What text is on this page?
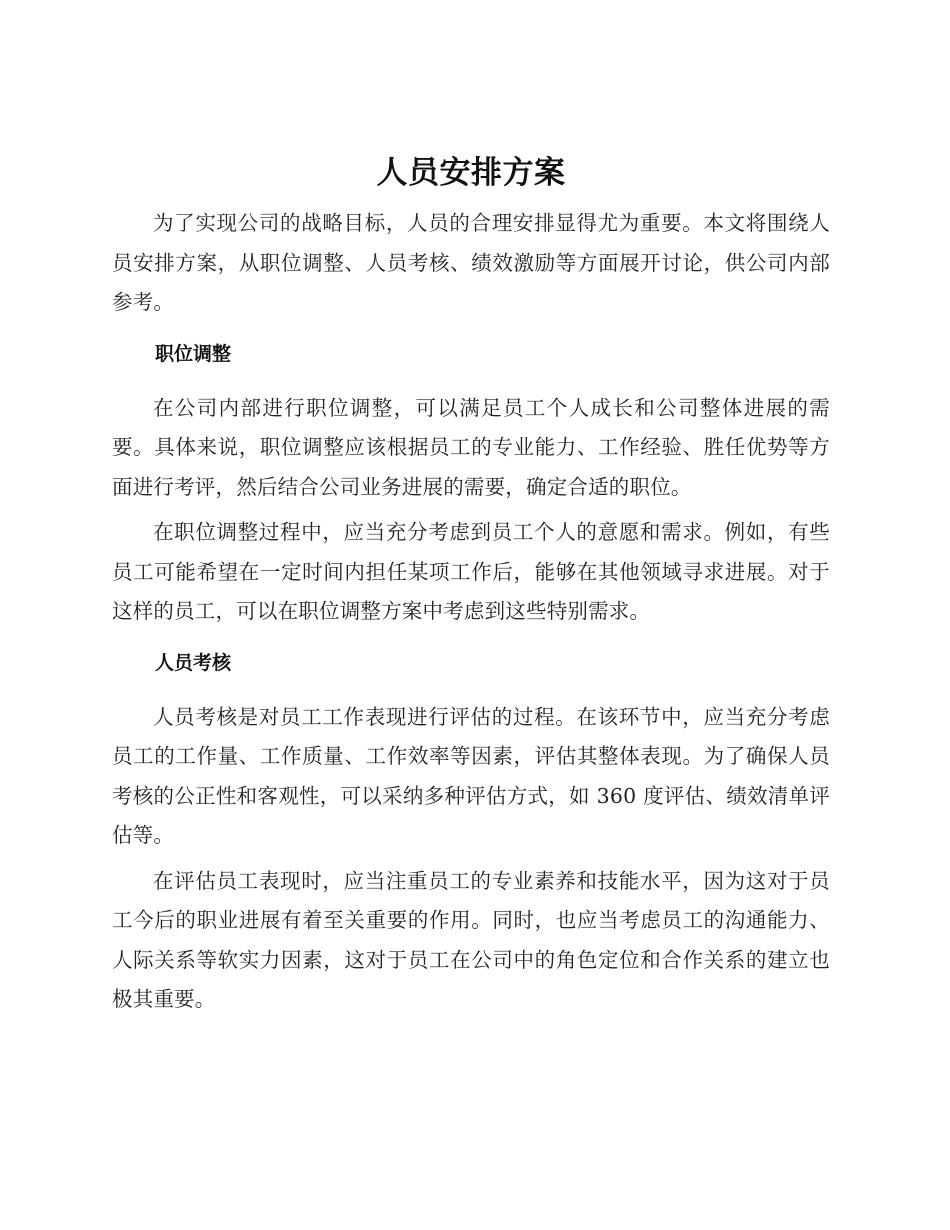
人员安排方案

为了实现公司的战略目标，人员的合理安排显得尤为重要。本文将围绕人员安排方案，从职位调整、人员考核、绩效激励等方面展开讨论，供公司内部参考。

职位调整

在公司内部进行职位调整，可以满足员工个人成长和公司整体进展的需要。具体来说，职位调整应该根据员工的专业能力、工作经验、胜任优势等方面进行考评，然后结合公司业务进展的需要，确定合适的职位。

在职位调整过程中，应当充分考虑到员工个人的意愿和需求。例如，有些员工可能希望在一定时间内担任某项工作后，能够在其他领域寻求进展。对于这样的员工，可以在职位调整方案中考虑到这些特别需求。

人员考核

人员考核是对员工工作表现进行评估的过程。在该环节中，应当充分考虑员工的工作量、工作质量、工作效率等因素，评估其整体表现。为了确保人员考核的公正性和客观性，可以采纳多种评估方式，如 360 度评估、绩效清单评估等。

在评估员工表现时，应当注重员工的专业素养和技能水平，因为这对于员工今后的职业进展有着至关重要的作用。同时，也应当考虑员工的沟通能力、人际关系等软实力因素，这对于员工在公司中的角色定位和合作关系的建立也极其重要。
